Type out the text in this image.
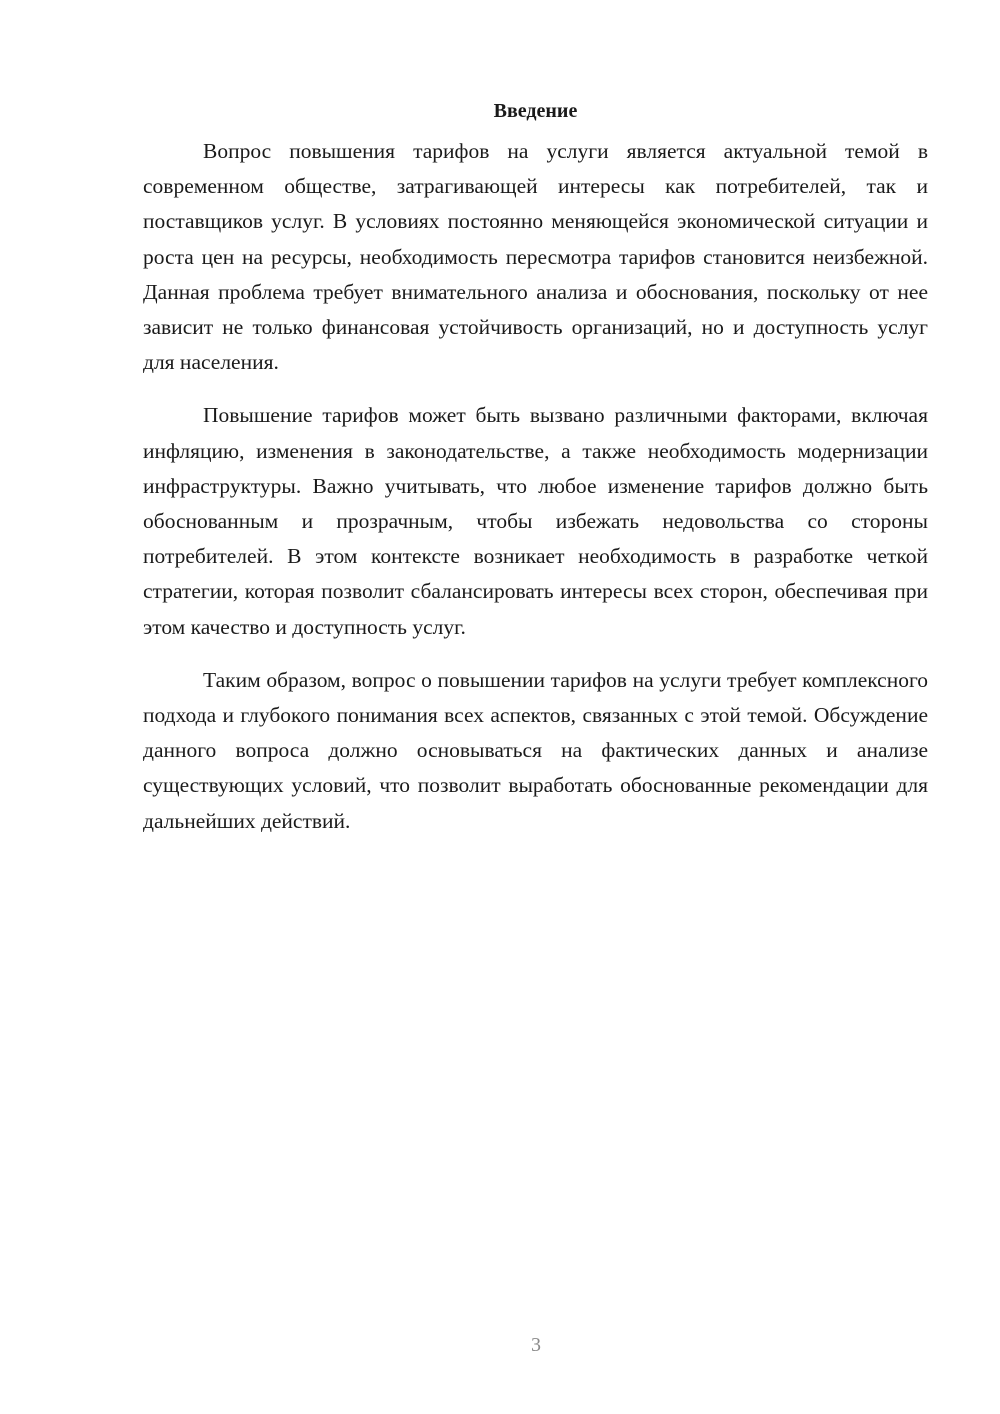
Введение

Вопрос повышения тарифов на услуги является актуальной темой в современном обществе, затрагивающей интересы как потребителей, так и поставщиков услуг. В условиях постоянно меняющейся экономической ситуации и роста цен на ресурсы, необходимость пересмотра тарифов становится неизбежной. Данная проблема требует внимательного анализа и обоснования, поскольку от нее зависит не только финансовая устойчивость организаций, но и доступность услуг для населения.

Повышение тарифов может быть вызвано различными факторами, включая инфляцию, изменения в законодательстве, а также необходимость модернизации инфраструктуры. Важно учитывать, что любое изменение тарифов должно быть обоснованным и прозрачным, чтобы избежать недовольства со стороны потребителей. В этом контексте возникает необходимость в разработке четкой стратегии, которая позволит сбалансировать интересы всех сторон, обеспечивая при этом качество и доступность услуг.

Таким образом, вопрос о повышении тарифов на услуги требует комплексного подхода и глубокого понимания всех аспектов, связанных с этой темой. Обсуждение данного вопроса должно основываться на фактических данных и анализе существующих условий, что позволит выработать обоснованные рекомендации для дальнейших действий.

3
